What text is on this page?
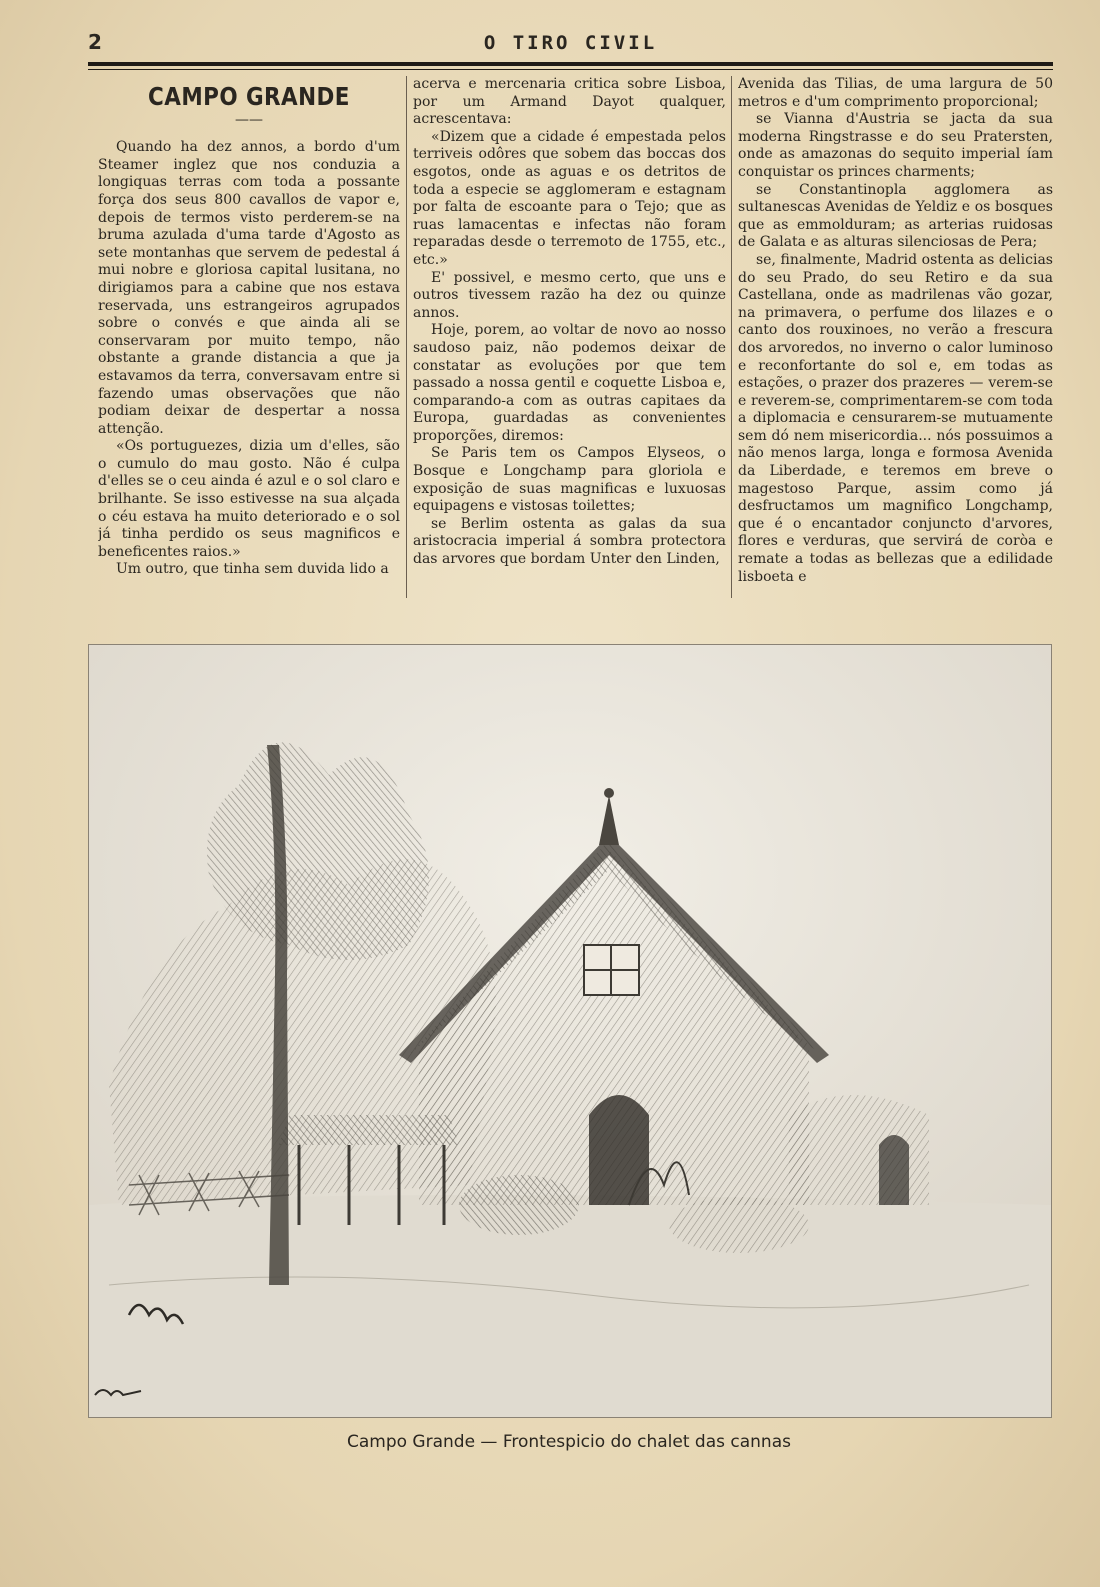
2	O TIRO CIVIL
CAMPO GRANDE
——

Quando ha dez annos, a bordo d'um Steamer inglez que nos conduzia a longiquas terras com toda a possante força dos seus 800 cavallos de vapor e, depois de termos visto perderem-se na bruma azulada d'uma tarde d'Agosto as sete montanhas que servem de pedestal á mui nobre e gloriosa capital lusitana, no dirigiamos para a cabine que nos estava reservada, uns estrangeiros agrupados sobre o convés e que ainda ali se conservaram por muito tempo, não obstante a grande distancia a que ja estavamos da terra, conversavam entre si fazendo umas observações que não podiam deixar de despertar a nossa attenção.

«Os portuguezes, dizia um d'elles, são o cumulo do mau gosto. Não é culpa d'elles se o ceu ainda é azul e o sol claro e brilhante. Se isso estivesse na sua alçada o céu estava ha muito deteriorado e o sol já tinha perdido os seus magnificos e beneficentes raios.»

Um outro, que tinha sem duvida lido a

acerva e mercenaria critica sobre Lisboa, por um Armand Dayot qualquer, acrescentava:

«Dizem que a cidade é empestada pelos terriveis odôres que sobem das boccas dos esgotos, onde as aguas e os detritos de toda a especie se agglomeram e estagnam por falta de escoante para o Tejo; que as ruas lamacentas e infectas não foram reparadas desde o terremoto de 1755, etc., etc.»

E' possivel, e mesmo certo, que uns e outros tivessem razão ha dez ou quinze annos.

Hoje, porem, ao voltar de novo ao nosso saudoso paiz, não podemos deixar de constatar as evoluções por que tem passado a nossa gentil e coquette Lisboa e, comparando-a com as outras capitaes da Europa, guardadas as convenientes proporções, diremos:

Se Paris tem os Campos Elyseos, o Bosque e Longchamp para gloriola e exposição de suas magnificas e luxuosas equipagens e vistosas toilettes;

se Berlim ostenta as galas da sua aristocracia imperial á sombra protectora das arvores que bordam Unter den Linden,

Avenida das Tilias, de uma largura de 50 metros e d'um comprimento proporcional;

se Vianna d'Austria se jacta da sua moderna Ringstrasse e do seu Pratersten, onde as amazonas do sequito imperial íam conquistar os princes charments;

se Constantinopla agglomera as sultanescas Avenidas de Yeldiz e os bosques que as emmolduram; as arterias ruidosas de Galata e as alturas silenciosas de Pera;

se, finalmente, Madrid ostenta as delicias do seu Prado, do seu Retiro e da sua Castellana, onde as madrilenas vão gozar, na primavera, o perfume dos lilazes e o canto dos rouxinoes, no verão a frescura dos arvoredos, no inverno o calor luminoso e reconfortante do sol e, em todas as estações, o prazer dos prazeres — verem-se e reverem-se, comprimentarem-se com toda a diplomacia e censurarem-se mutuamente sem dó nem misericordia... nós possuimos a não menos larga, longa e formosa Avenida da Liberdade, e teremos em breve o magestoso Parque, assim como já desfructamos um magnifico Longchamp, que é o encantador conjuncto d'arvores, flores e verduras, que servirá de coròa e remate a todas as bellezas que a edilidade lisboeta e

Campo Grande — Frontespicio do chalet das cannas
